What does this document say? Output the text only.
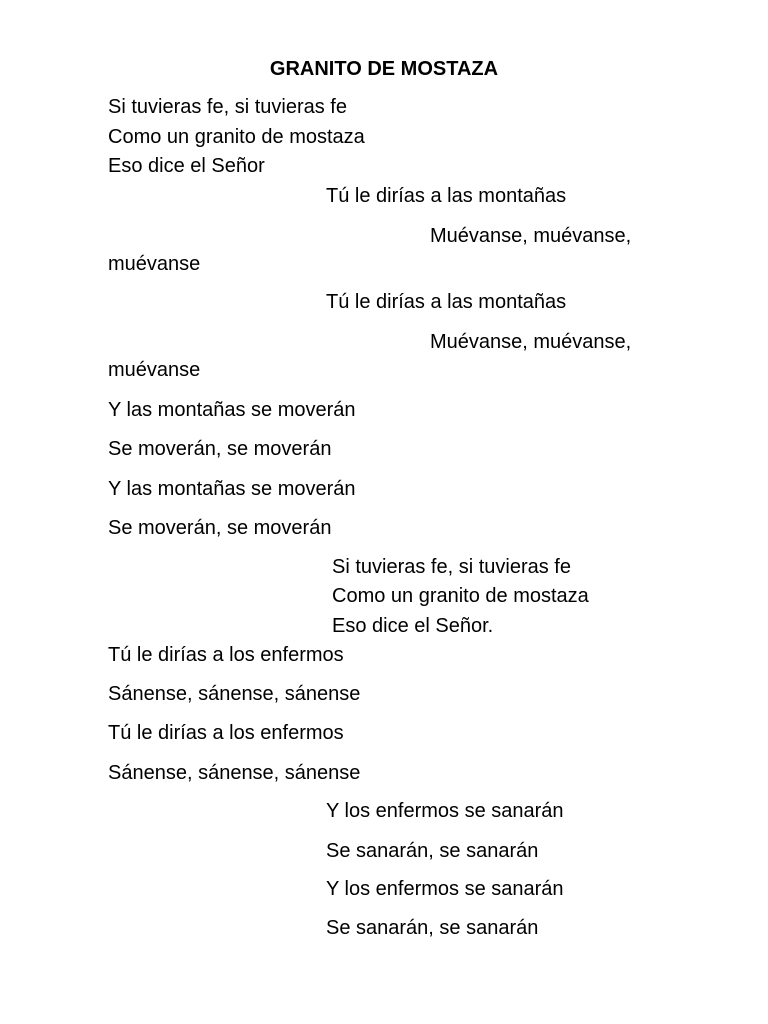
GRANITO DE MOSTAZA
Si tuvieras fe, si tuvieras fe
Como un granito de mostaza
Eso dice el Señor
Tú le dirías a las montañas
Muévanse, muévanse,
muévanse
Tú le dirías a las montañas
Muévanse, muévanse,
muévanse
Y las montañas se moverán
Se moverán, se moverán
Y las montañas se moverán
Se moverán, se moverán
Si tuvieras fe, si tuvieras fe
Como un granito de mostaza
Eso dice el Señor.
Tú le dirías a los enfermos
Sánense, sánense, sánense
Tú le dirías a los enfermos
Sánense, sánense, sánense
Y los enfermos se sanarán
Se sanarán, se sanarán
Y los enfermos se sanarán
Se sanarán, se sanarán
